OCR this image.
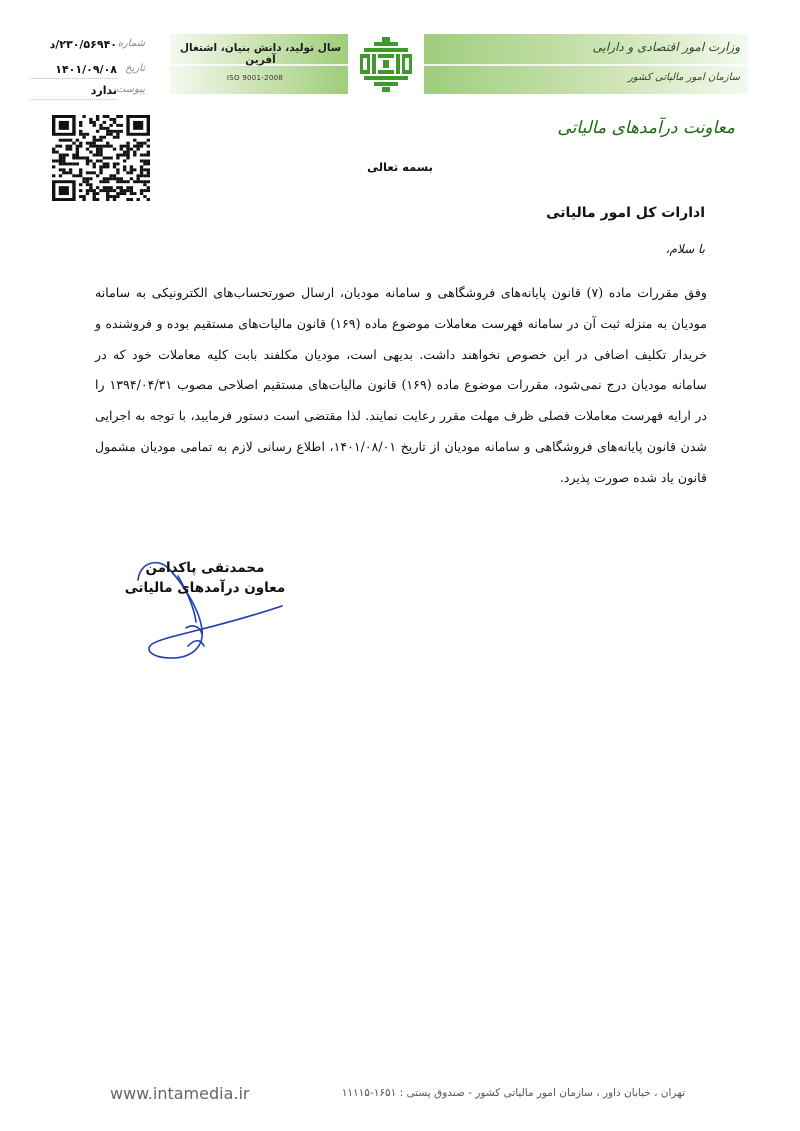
سال تولید، دانش بنیان، اشتغال آفرین
ISO 9001-2008
وزارت امور اقتصادی و دارایی
سازمان امور مالیاتی کشور
معاونت درآمدهای مالیاتی
شماره
۲۳۰/۵۶۹۴۰/د
تاریخ
۱۴۰۱/۰۹/۰۸
پیوست
ندارد
بسمه تعالی
ادارات کل امور مالیاتی
با سلام،
وفق مقررات ماده (۷) قانون پایانه‌های فروشگاهی و سامانه مودیان، ارسال صورتحساب‌های الکترونیکی به سامانه مودیان به منزله ثبت آن در سامانه فهرست معاملات موضوع ماده (۱۶۹) قانون مالیات‌های مستقیم بوده و فروشنده و خریدار تکلیف اضافی در این خصوص نخواهند داشت. بدیهی است، مودیان مکلفند بابت کلیه معاملات خود که در سامانه مودیان درج نمی‌شود، مقررات موضوع ماده (۱۶۹) قانون مالیات‌های مستقیم اصلاحی مصوب ۱۳۹۴/۰۴/۳۱ را در ارایه فهرست معاملات فصلی ظرف مهلت مقرر رعایت نمایند. لذا مقتضی است دستور فرمایید، با توجه به اجرایی شدن قانون پایانه‌های فروشگاهی و سامانه مودیان از تاریخ ۱۴۰۱/۰۸/۰۱، اطلاع رسانی لازم به تمامی مودیان مشمول قانون یاد شده صورت پذیرد.
محمدتقی پاکدامن
معاون درآمدهای مالیاتی
www.intamedia.ir	تهران ، خیابان داور ، سازمان امور مالیاتی کشور - صندوق پستی : ۱۶۵۱-۱۱۱۱۵
